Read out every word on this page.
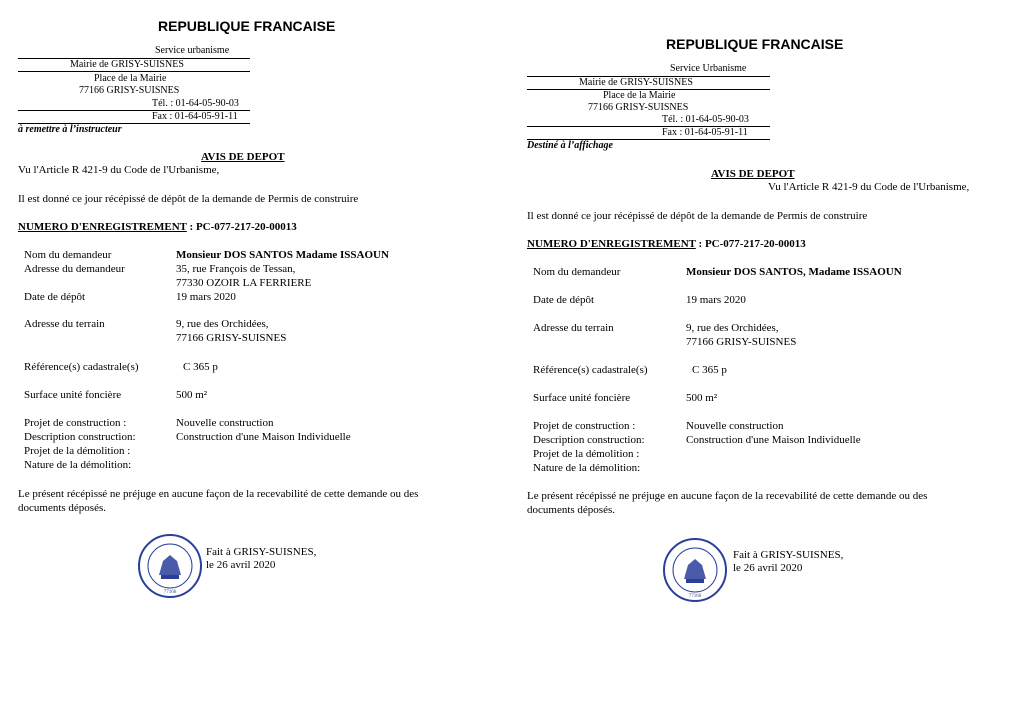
REPUBLIQUE FRANCAISE
Service urbanisme
Mairie de GRISY-SUISNES
Place de la Mairie
77166 GRISY-SUISNES
Tél. : 01-64-05-90-03
Fax : 01-64-05-91-11
à remettre à l’instructeur
AVIS DE DEPOT
Vu l'Article R 421-9 du Code de l'Urbanisme,
Il est donné ce jour récépissé de dépôt de la demande de Permis de construire
NUMERO D'ENREGISTREMENT : PC-077-217-20-00013
Nom du demandeur	Monsieur DOS SANTOS Madame ISSAOUN
Adresse du demandeur	35, rue François de Tessan,
77330 OZOIR LA FERRIERE
Date de dépôt	19 mars 2020
Adresse du terrain	9, rue des Orchidées,
77166 GRISY-SUISNES
Référence(s) cadastrale(s)	C 365 p
Surface unité foncière	500 m²
Projet de construction :	Nouvelle construction
Description construction:	Construction d'une Maison Individuelle
Projet de la démolition :
Nature de la démolition:
Le présent récépissé ne préjuge en aucune façon de la recevabilité de cette demande ou des
documents déposés.
77166
Fait à GRISY-SUISNES,
le 26 avril 2020
REPUBLIQUE FRANCAISE
Service Urbanisme
Mairie de GRISY-SUISNES
Place de la Mairie
77166 GRISY-SUISNES
Tél. : 01-64-05-90-03
Fax : 01-64-05-91-11
Destiné à l’affichage
AVIS DE DEPOT
Vu l'Article R 421-9 du Code de l'Urbanisme,
Il est donné ce jour récépissé de dépôt de la demande de Permis de construire
NUMERO D'ENREGISTREMENT : PC-077-217-20-00013
Nom du demandeur	Monsieur DOS SANTOS, Madame ISSAOUN
Date de dépôt	19 mars 2020
Adresse du terrain	9, rue des Orchidées,
77166 GRISY-SUISNES
Référence(s) cadastrale(s)	C 365 p
Surface unité foncière	500 m²
Projet de construction :	Nouvelle construction
Description construction:	Construction d'une Maison Individuelle
Projet de la démolition :
Nature de la démolition:
Le présent récépissé ne préjuge en aucune façon de la recevabilité de cette demande ou des
documents déposés.
77166
Fait à GRISY-SUISNES,
le 26 avril 2020
